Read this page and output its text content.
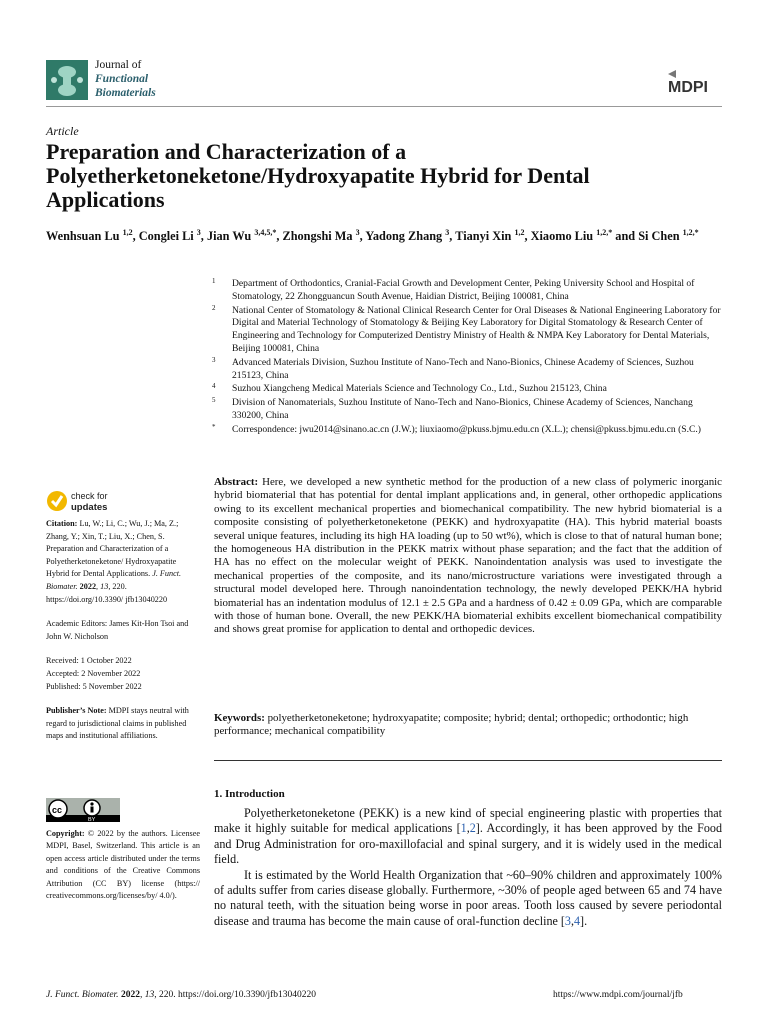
Journal of
Functional
Biomaterials	MDPI
Article
Preparation and Characterization of a Polyetherketoneketone/Hydroxyapatite Hybrid for Dental Applications
Wenhsuan Lu $^{1,2}$, Conglei Li $^3$, Jian Wu $^{3,4,5,*}$, Zhongshi Ma $^3$, Yadong Zhang $^3$, Tianyi Xin $^{1,2}$, Xiaomo Liu $^{1,2,*}$ and Si Chen $^{1,2,*}$
1 Department of Orthodontics, Cranial-Facial Growth and Development Center, Peking University School and Hospital of Stomatology, 22 Zhongguancun South Avenue, Haidian District, Beijing 100081, China
2 National Center of Stomatology & National Clinical Research Center for Oral Diseases & National Engineering Laboratory for Digital and Material Technology of Stomatology & Beijing Key Laboratory for Digital Stomatology & Research Center of Engineering and Technology for Computerized Dentistry Ministry of Health & NMPA Key Laboratory for Dental Materials, Beijing 100081, China
3 Advanced Materials Division, Suzhou Institute of Nano-Tech and Nano-Bionics, Chinese Academy of Sciences, Suzhou 215123, China
4 Suzhou Xiangcheng Medical Materials Science and Technology Co., Ltd., Suzhou 215123, China
5 Division of Nanomaterials, Suzhou Institute of Nano-Tech and Nano-Bionics, Chinese Academy of Sciences, Nanchang 330200, China
* Correspondence: jwu2014@sinano.ac.cn (J.W.); liuxiaomo@pkuss.bjmu.edu.cn (X.L.); chensi@pkuss.bjmu.edu.cn (S.C.)
check for
updates

Citation: Lu, W.; Li, C.; Wu, J.; Ma, Z.; Zhang, Y.; Xin, T.; Liu, X.; Chen, S. Preparation and Characterization of a Polyetherketoneketone/ Hydroxyapatite Hybrid for Dental Applications. J. Funct. Biomater. 2022, 13, 220. https://doi.org/10.3390/ jfb13040220

Academic Editors: James Kit-Hon Tsoi and John W. Nicholson

Received: 1 October 2022
Accepted: 2 November 2022
Published: 5 November 2022

Publisher’s Note: MDPI stays neutral with regard to jurisdictional claims in published maps and institutional affiliations.

cc
BY
Copyright: © 2022 by the authors. Licensee MDPI, Basel, Switzerland. This article is an open access article distributed under the terms and conditions of the Creative Commons Attribution (CC BY) license (https:// creativecommons.org/licenses/by/ 4.0/).
Abstract: Here, we developed a new synthetic method for the production of a new class of polymeric inorganic hybrid biomaterial that has potential for dental implant applications and, in general, other orthopedic applications owing to its excellent mechanical properties and biomechanical compatibility. The new hybrid biomaterial is a composite consisting of polyetherketoneketone (PEKK) and hydroxyapatite (HA). This hybrid material boasts several unique features, including its high HA loading (up to 50 wt%), which is close to that of natural human bone; the homogeneous HA distribution in the PEKK matrix without phase separation; and the fact that the addition of HA has no effect on the molecular weight of PEKK. Nanoindentation analysis was used to investigate the mechanical properties of the composite, and its nano/microstructure variations were investigated through a structural model developed here. Through nanoindentation technology, the newly developed PEKK/HA hybrid biomaterial has an indentation modulus of 12.1 ± 2.5 GPa and a hardness of 0.42 ± 0.09 GPa, which are comparable with those of human bone. Overall, the new PEKK/HA biomaterial exhibits excellent biomechanical compatibility and shows great promise for application to dental and orthopedic devices.
Keywords: polyetherketoneketone; hydroxyapatite; composite; hybrid; dental; orthopedic; orthodontic; high performance; mechanical compatibility
1. Introduction

Polyetherketoneketone (PEKK) is a new kind of special engineering plastic with properties that make it highly suitable for medical applications [1,2]. Accordingly, it has been approved by the Food and Drug Administration for oro-maxillofacial and spinal surgery, and it is widely used in the medical field.

It is estimated by the World Health Organization that ~60–90% children and approximately 100% of adults suffer from caries disease globally. Furthermore, ~30% of people aged between 65 and 74 have no natural teeth, with the situation being worse in poor areas. Tooth loss caused by severe periodontal disease and trauma has become the main cause of oral-function decline [3,4].

J. Funct. Biomater. 2022, 13, 220. https://doi.org/10.3390/jfb13040220	https://www.mdpi.com/journal/jfb
